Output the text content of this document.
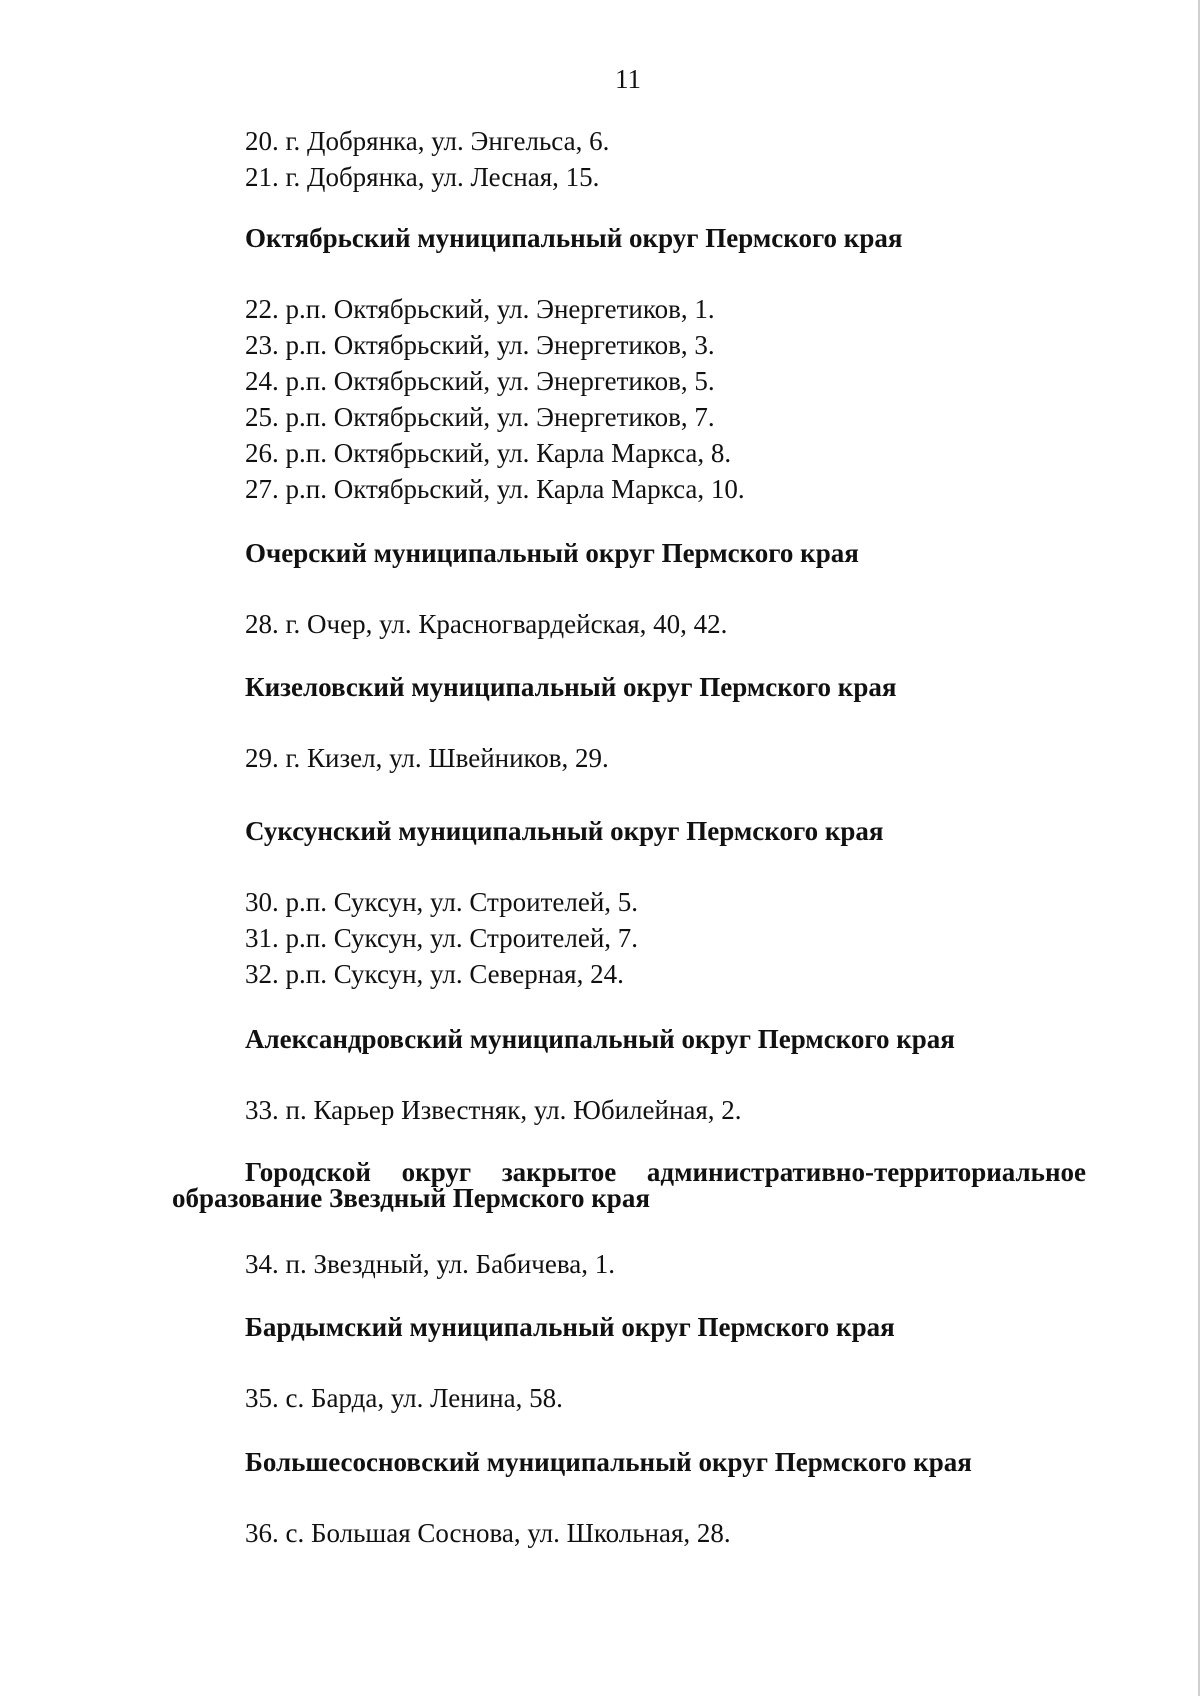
11
20. г. Добрянка, ул. Энгельса, 6.
21. г. Добрянка, ул. Лесная, 15.
Октябрьский муниципальный округ Пермского края
22. р.п. Октябрьский, ул. Энергетиков, 1.
23. р.п. Октябрьский, ул. Энергетиков, 3.
24. р.п. Октябрьский, ул. Энергетиков, 5.
25. р.п. Октябрьский, ул. Энергетиков, 7.
26. р.п. Октябрьский, ул. Карла Маркса, 8.
27. р.п. Октябрьский, ул. Карла Маркса, 10.
Очерский муниципальный округ Пермского края
28. г. Очер, ул. Красногвардейская, 40, 42.
Кизеловский муниципальный округ Пермского края
29. г. Кизел, ул. Швейников, 29.
Суксунский муниципальный округ Пермского края
30. р.п. Суксун, ул. Строителей, 5.
31. р.п. Суксун, ул. Строителей, 7.
32. р.п. Суксун, ул. Северная, 24.
Александровский муниципальный округ Пермского края
33. п. Карьер Известняк, ул. Юбилейная, 2.
Городской округ закрытое административно-территориальное
образование Звездный Пермского края
34. п. Звездный, ул. Бабичева, 1.
Бардымский муниципальный округ Пермского края
35. с. Барда, ул. Ленина, 58.
Большесосновский муниципальный округ Пермского края
36. с. Большая Соснова, ул. Школьная, 28.
